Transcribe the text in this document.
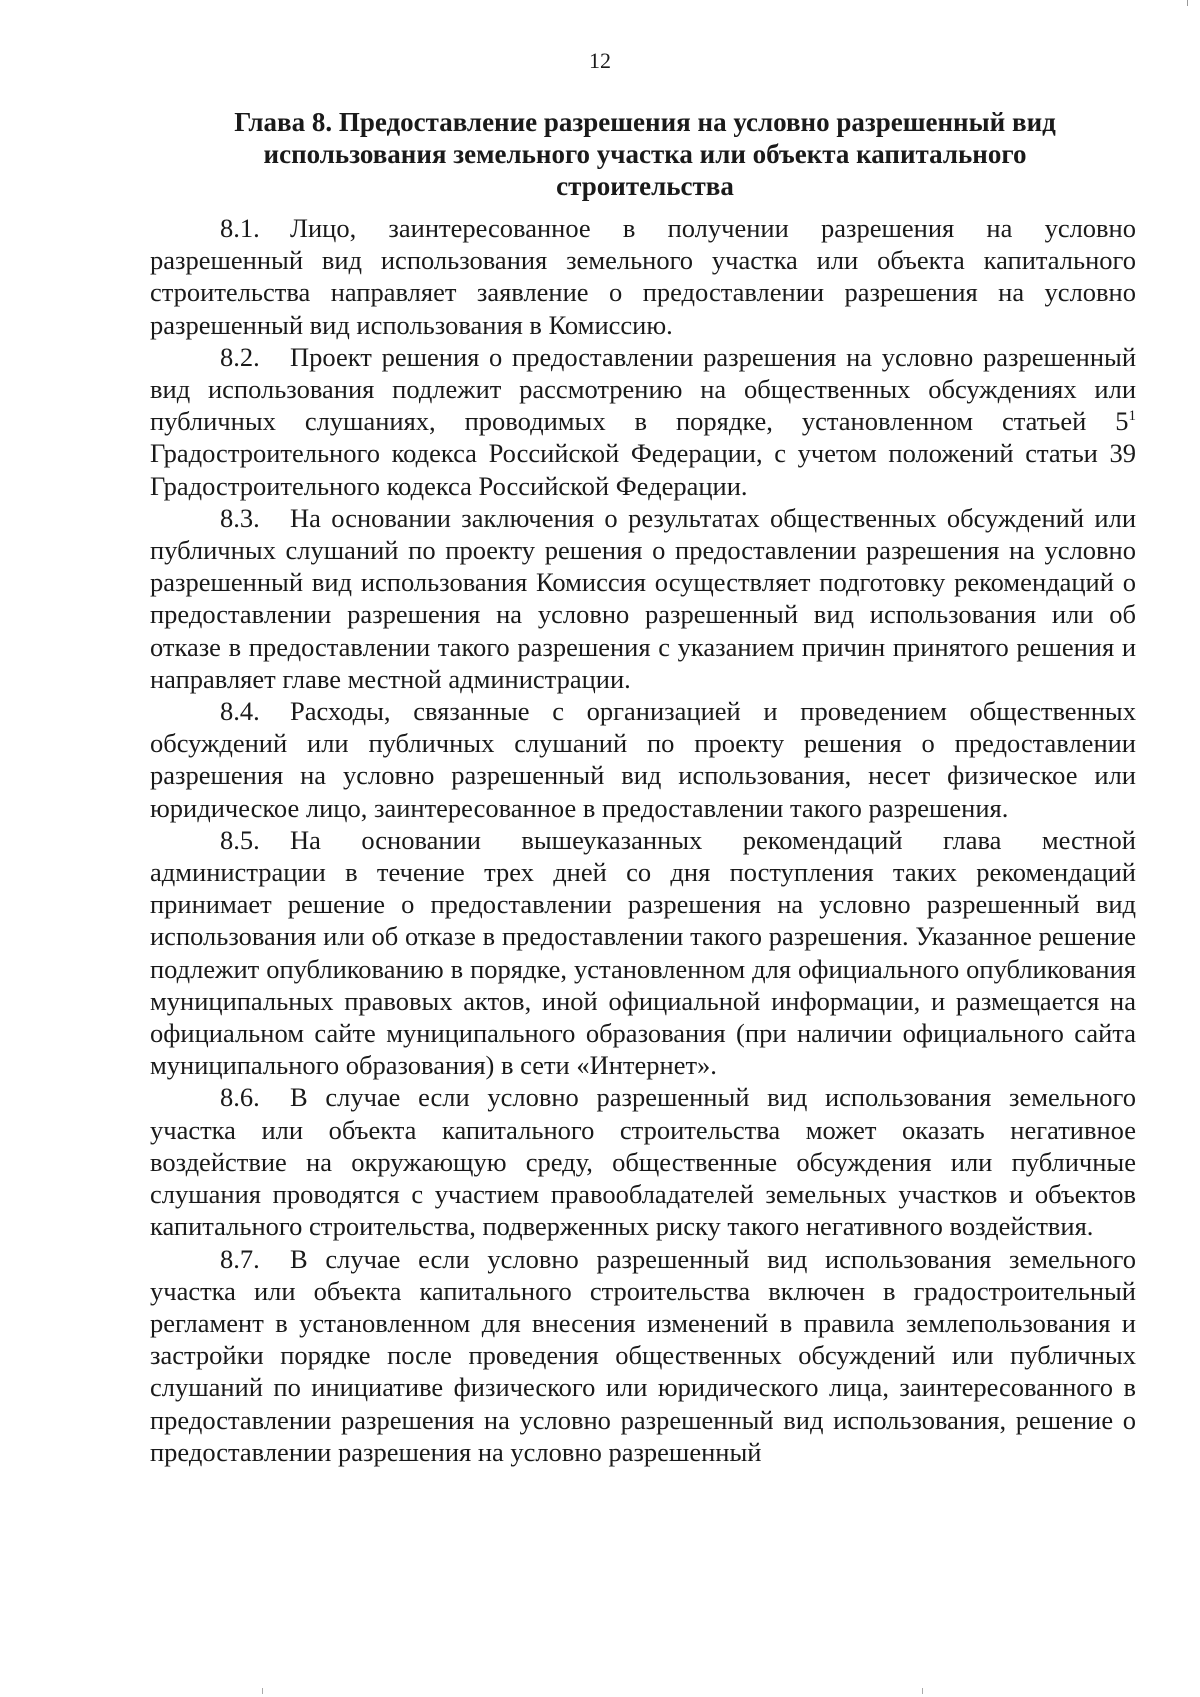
12
Глава 8. Предоставление разрешения на условно разрешенный вид использования земельного участка или объекта капитального строительства

8.1. Лицо, заинтересованное в получении разрешения на условно разрешенный вид использования земельного участка или объекта капитального строительства направляет заявление о предоставлении разрешения на условно разрешенный вид использования в Комиссию.

8.2. Проект решения о предоставлении разрешения на условно разрешенный вид использования подлежит рассмотрению на общественных обсуждениях или публичных слушаниях, проводимых в порядке, установленном статьей $5^1$ Градостроительного кодекса Российской Федерации, с учетом положений статьи 39 Градостроительного кодекса Российской Федерации.

8.3. На основании заключения о результатах общественных обсуждений или публичных слушаний по проекту решения о предоставлении разрешения на условно разрешенный вид использования Комиссия осуществляет подготовку рекомендаций о предоставлении разрешения на условно разрешенный вид использования или об отказе в предоставлении такого разрешения с указанием причин принятого решения и направляет главе местной администрации.

8.4. Расходы, связанные с организацией и проведением общественных обсуждений или публичных слушаний по проекту решения о предоставлении разрешения на условно разрешенный вид использования, несет физическое или юридическое лицо, заинтересованное в предоставлении такого разрешения.

8.5. На основании вышеуказанных рекомендаций глава местной администрации в течение трех дней со дня поступления таких рекомендаций принимает решение о предоставлении разрешения на условно разрешенный вид использования или об отказе в предоставлении такого разрешения. Указанное решение подлежит опубликованию в порядке, установленном для официального опубликования муниципальных правовых актов, иной официальной информации, и размещается на официальном сайте муниципального образования (при наличии официального сайта муниципального образования) в сети «Интернет».

8.6. В случае если условно разрешенный вид использования земельного участка или объекта капитального строительства может оказать негативное воздействие на окружающую среду, общественные обсуждения или публичные слушания проводятся с участием правообладателей земельных участков и объектов капитального строительства, подверженных риску такого негативного воздействия.

8.7. В случае если условно разрешенный вид использования земельного участка или объекта капитального строительства включен в градостроительный регламент в установленном для внесения изменений в правила землепользования и застройки порядке после проведения общественных обсуждений или публичных слушаний по инициативе физического или юридического лица, заинтересованного в предоставлении разрешения на условно разрешенный вид использования, решение о предоставлении разрешения на условно разрешенный
